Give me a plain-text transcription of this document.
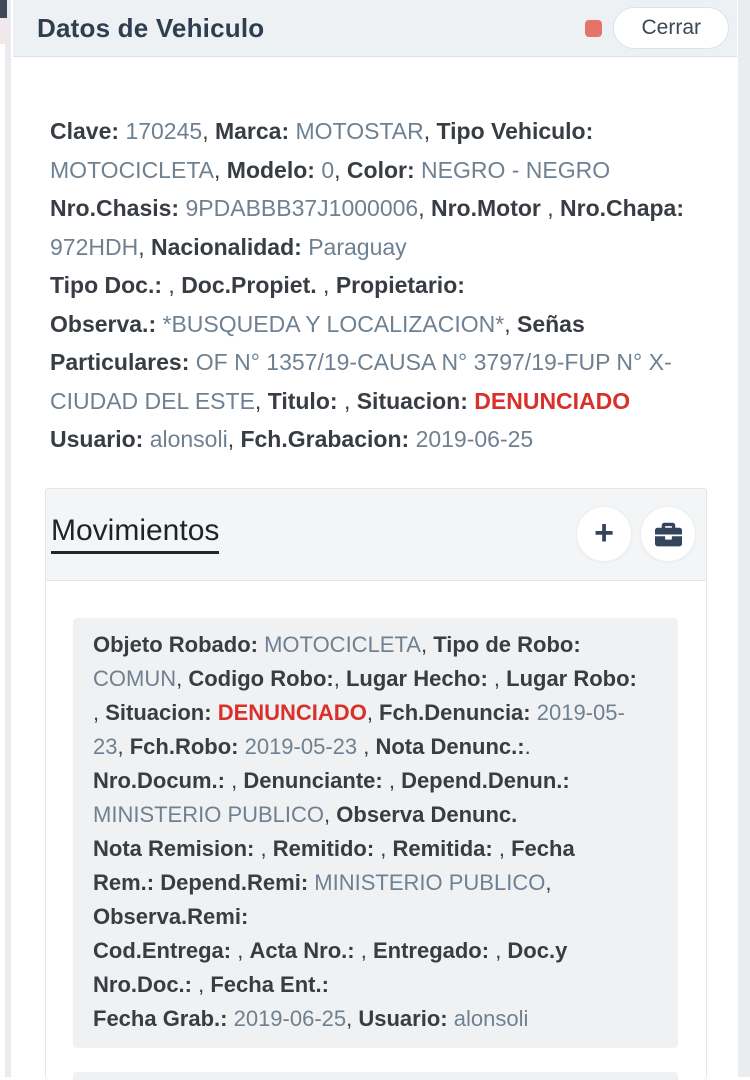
Datos de Vehiculo	Cerrar
Clave: 170245, Marca: MOTOSTAR, Tipo Vehiculo:
MOTOCICLETA, Modelo: 0, Color: NEGRO - NEGRO
Nro.Chasis: 9PDABBB37J1000006, Nro.Motor , Nro.Chapa:
972HDH, Nacionalidad: Paraguay
Tipo Doc.: , Doc.Propiet. , Propietario:
Observa.: *BUSQUEDA Y LOCALIZACION*, Señas
Particulares: OF N° 1357/19-CAUSA N° 3797/19-FUP N° X-
CIUDAD DEL ESTE, Titulo: , Situacion: DENUNCIADO
Usuario: alonsoli, Fch.Grabacion: 2019-06-25
Movimientos	+
Objeto Robado: MOTOCICLETA, Tipo de Robo:
COMUN, Codigo Robo:, Lugar Hecho: , Lugar Robo:
, Situacion: DENUNCIADO, Fch.Denuncia: 2019-05-
23, Fch.Robo: 2019-05-23 , Nota Denunc.:.
Nro.Docum.: , Denunciante: , Depend.Denun.:
MINISTERIO PUBLICO, Observa Denunc.
Nota Remision: , Remitido: , Remitida: , Fecha
Rem.: Depend.Remi: MINISTERIO PUBLICO,
Observa.Remi:
Cod.Entrega: , Acta Nro.: , Entregado: , Doc.y
Nro.Doc.: , Fecha Ent.:
Fecha Grab.: 2019-06-25, Usuario: alonsoli
